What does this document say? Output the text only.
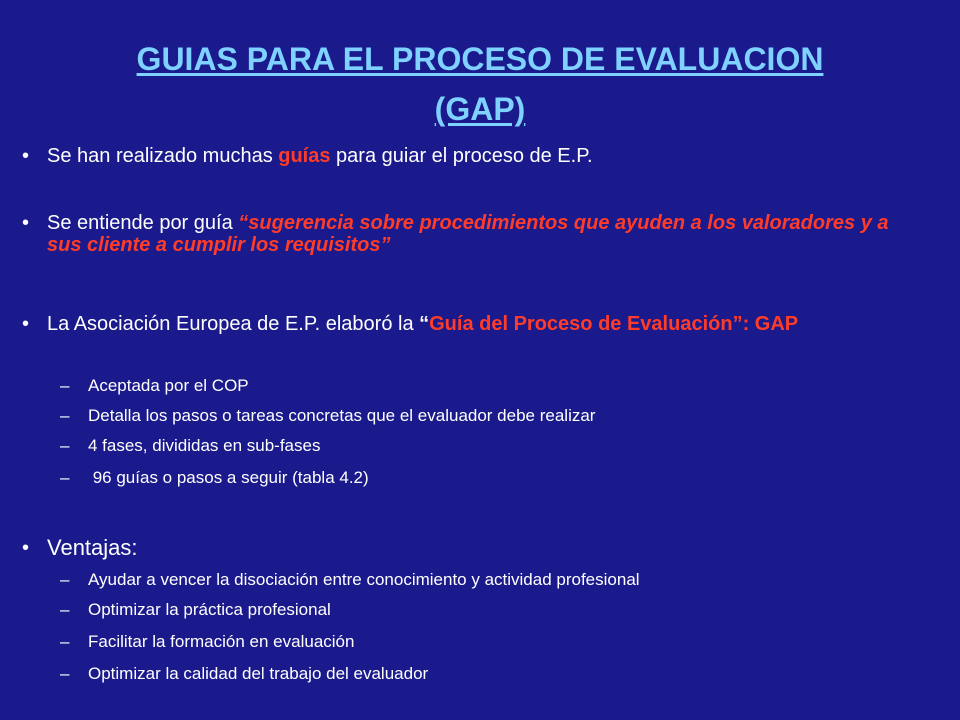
GUIAS PARA EL PROCESO DE EVALUACION
(GAP)
• Se han realizado muchas guías para guiar el proceso de E.P.
• Se entiende por guía “sugerencia sobre procedimientos que ayuden a los valoradores y a sus cliente a cumplir los requisitos”
• La Asociación Europea de E.P. elaboró la “Guía del Proceso de Evaluación”: GAP
– Aceptada por el COP
– Detalla los pasos o tareas concretas que el evaluador debe realizar
– 4 fases, divididas en sub-fases
– 96 guías o pasos a seguir (tabla 4.2)
• Ventajas:
– Ayudar a vencer la disociación entre conocimiento y actividad profesional
– Optimizar la práctica profesional
– Facilitar la formación en evaluación
– Optimizar la calidad del trabajo del evaluador
